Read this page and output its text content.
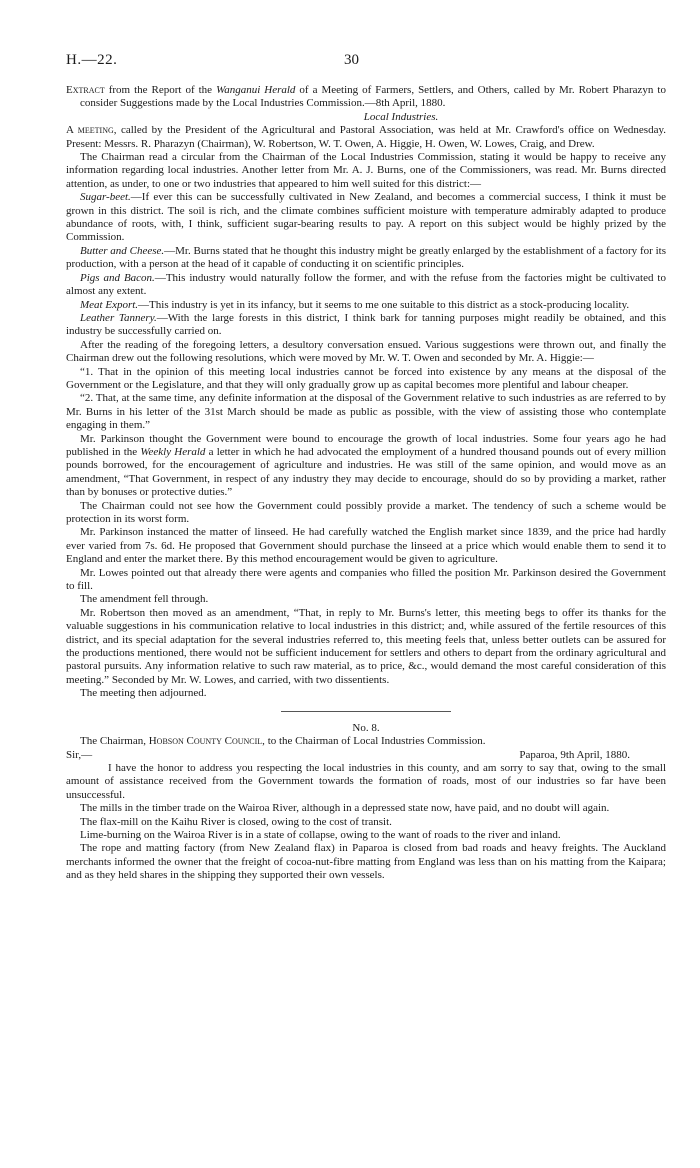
H.—22.	30

Extract from the Report of the Wanganui Herald of a Meeting of Farmers, Settlers, and Others, called by Mr. Robert Pharazyn to consider Suggestions made by the Local Industries Commission.—8th April, 1880.

Local Industries.

A meeting, called by the President of the Agricultural and Pastoral Association, was held at Mr. Crawford's office on Wednesday. Present: Messrs. R. Pharazyn (Chairman), W. Robertson, W. T. Owen, A. Higgie, H. Owen, W. Lowes, Craig, and Drew.

The Chairman read a circular from the Chairman of the Local Industries Commission, stating it would be happy to receive any information regarding local industries. Another letter from Mr. A. J. Burns, one of the Commissioners, was read. Mr. Burns directed attention, as under, to one or two industries that appeared to him well suited for this district:—

Sugar-beet.—If ever this can be successfully cultivated in New Zealand, and becomes a commercial success, I think it must be grown in this district. The soil is rich, and the climate combines sufficient moisture with temperature admirably adapted to produce abundance of roots, with, I think, sufficient sugar-bearing results to pay. A report on this subject would be highly prized by the Commission.

Butter and Cheese.—Mr. Burns stated that he thought this industry might be greatly enlarged by the establishment of a factory for its production, with a person at the head of it capable of conducting it on scientific principles.

Pigs and Bacon.—This industry would naturally follow the former, and with the refuse from the factories might be cultivated to almost any extent.

Meat Export.—This industry is yet in its infancy, but it seems to me one suitable to this district as a stock-producing locality.

Leather Tannery.—With the large forests in this district, I think bark for tanning purposes might readily be obtained, and this industry be successfully carried on.

After the reading of the foregoing letters, a desultory conversation ensued. Various suggestions were thrown out, and finally the Chairman drew out the following resolutions, which were moved by Mr. W. T. Owen and seconded by Mr. A. Higgie:—

“1. That in the opinion of this meeting local industries cannot be forced into existence by any means at the disposal of the Government or the Legislature, and that they will only gradually grow up as capital becomes more plentiful and labour cheaper.

“2. That, at the same time, any definite information at the disposal of the Government relative to such industries as are referred to by Mr. Burns in his letter of the 31st March should be made as public as possible, with the view of assisting those who contemplate engaging in them.”

Mr. Parkinson thought the Government were bound to encourage the growth of local industries. Some four years ago he had published in the Weekly Herald a letter in which he had advocated the employment of a hundred thousand pounds out of every million pounds borrowed, for the encouragement of agriculture and industries. He was still of the same opinion, and would move as an amendment, “That Government, in respect of any industry they may decide to encourage, should do so by providing a market, rather than by bonuses or protective duties.”

The Chairman could not see how the Government could possibly provide a market. The tendency of such a scheme would be protection in its worst form.

Mr. Parkinson instanced the matter of linseed. He had carefully watched the English market since 1839, and the price had hardly ever varied from 7s. 6d. He proposed that Government should purchase the linseed at a price which would enable them to send it to England and enter the market there. By this method encouragement would be given to agriculture.

Mr. Lowes pointed out that already there were agents and companies who filled the position Mr. Parkinson desired the Government to fill.

The amendment fell through.

Mr. Robertson then moved as an amendment, “That, in reply to Mr. Burns's letter, this meeting begs to offer its thanks for the valuable suggestions in his communication relative to local industries in this district; and, while assured of the fertile resources of this district, and its special adaptation for the several industries referred to, this meeting feels that, unless better outlets can be assured for the productions mentioned, there would not be sufficient inducement for settlers and others to depart from the ordinary agricultural and pastoral pursuits. Any information relative to such raw material, as to price, &c., would demand the most careful consideration of this meeting.” Seconded by Mr. W. Lowes, and carried, with two dissentients.

The meeting then adjourned.

No. 8.

The Chairman, Hobson County Council, to the Chairman of Local Industries Commission.

Sir,—	Paparoa, 9th April, 1880.

I have the honor to address you respecting the local industries in this county, and am sorry to say that, owing to the small amount of assistance received from the Government towards the formation of roads, most of our industries so far have been unsuccessful.

The mills in the timber trade on the Wairoa River, although in a depressed state now, have paid, and no doubt will again.

The flax-mill on the Kaihu River is closed, owing to the cost of transit.

Lime-burning on the Wairoa River is in a state of collapse, owing to the want of roads to the river and inland.

The rope and matting factory (from New Zealand flax) in Paparoa is closed from bad roads and heavy freights. The Auckland merchants informed the owner that the freight of cocoa-nut-fibre matting from England was less than on his matting from the Kaipara; and as they held shares in the shipping they supported their own vessels.
